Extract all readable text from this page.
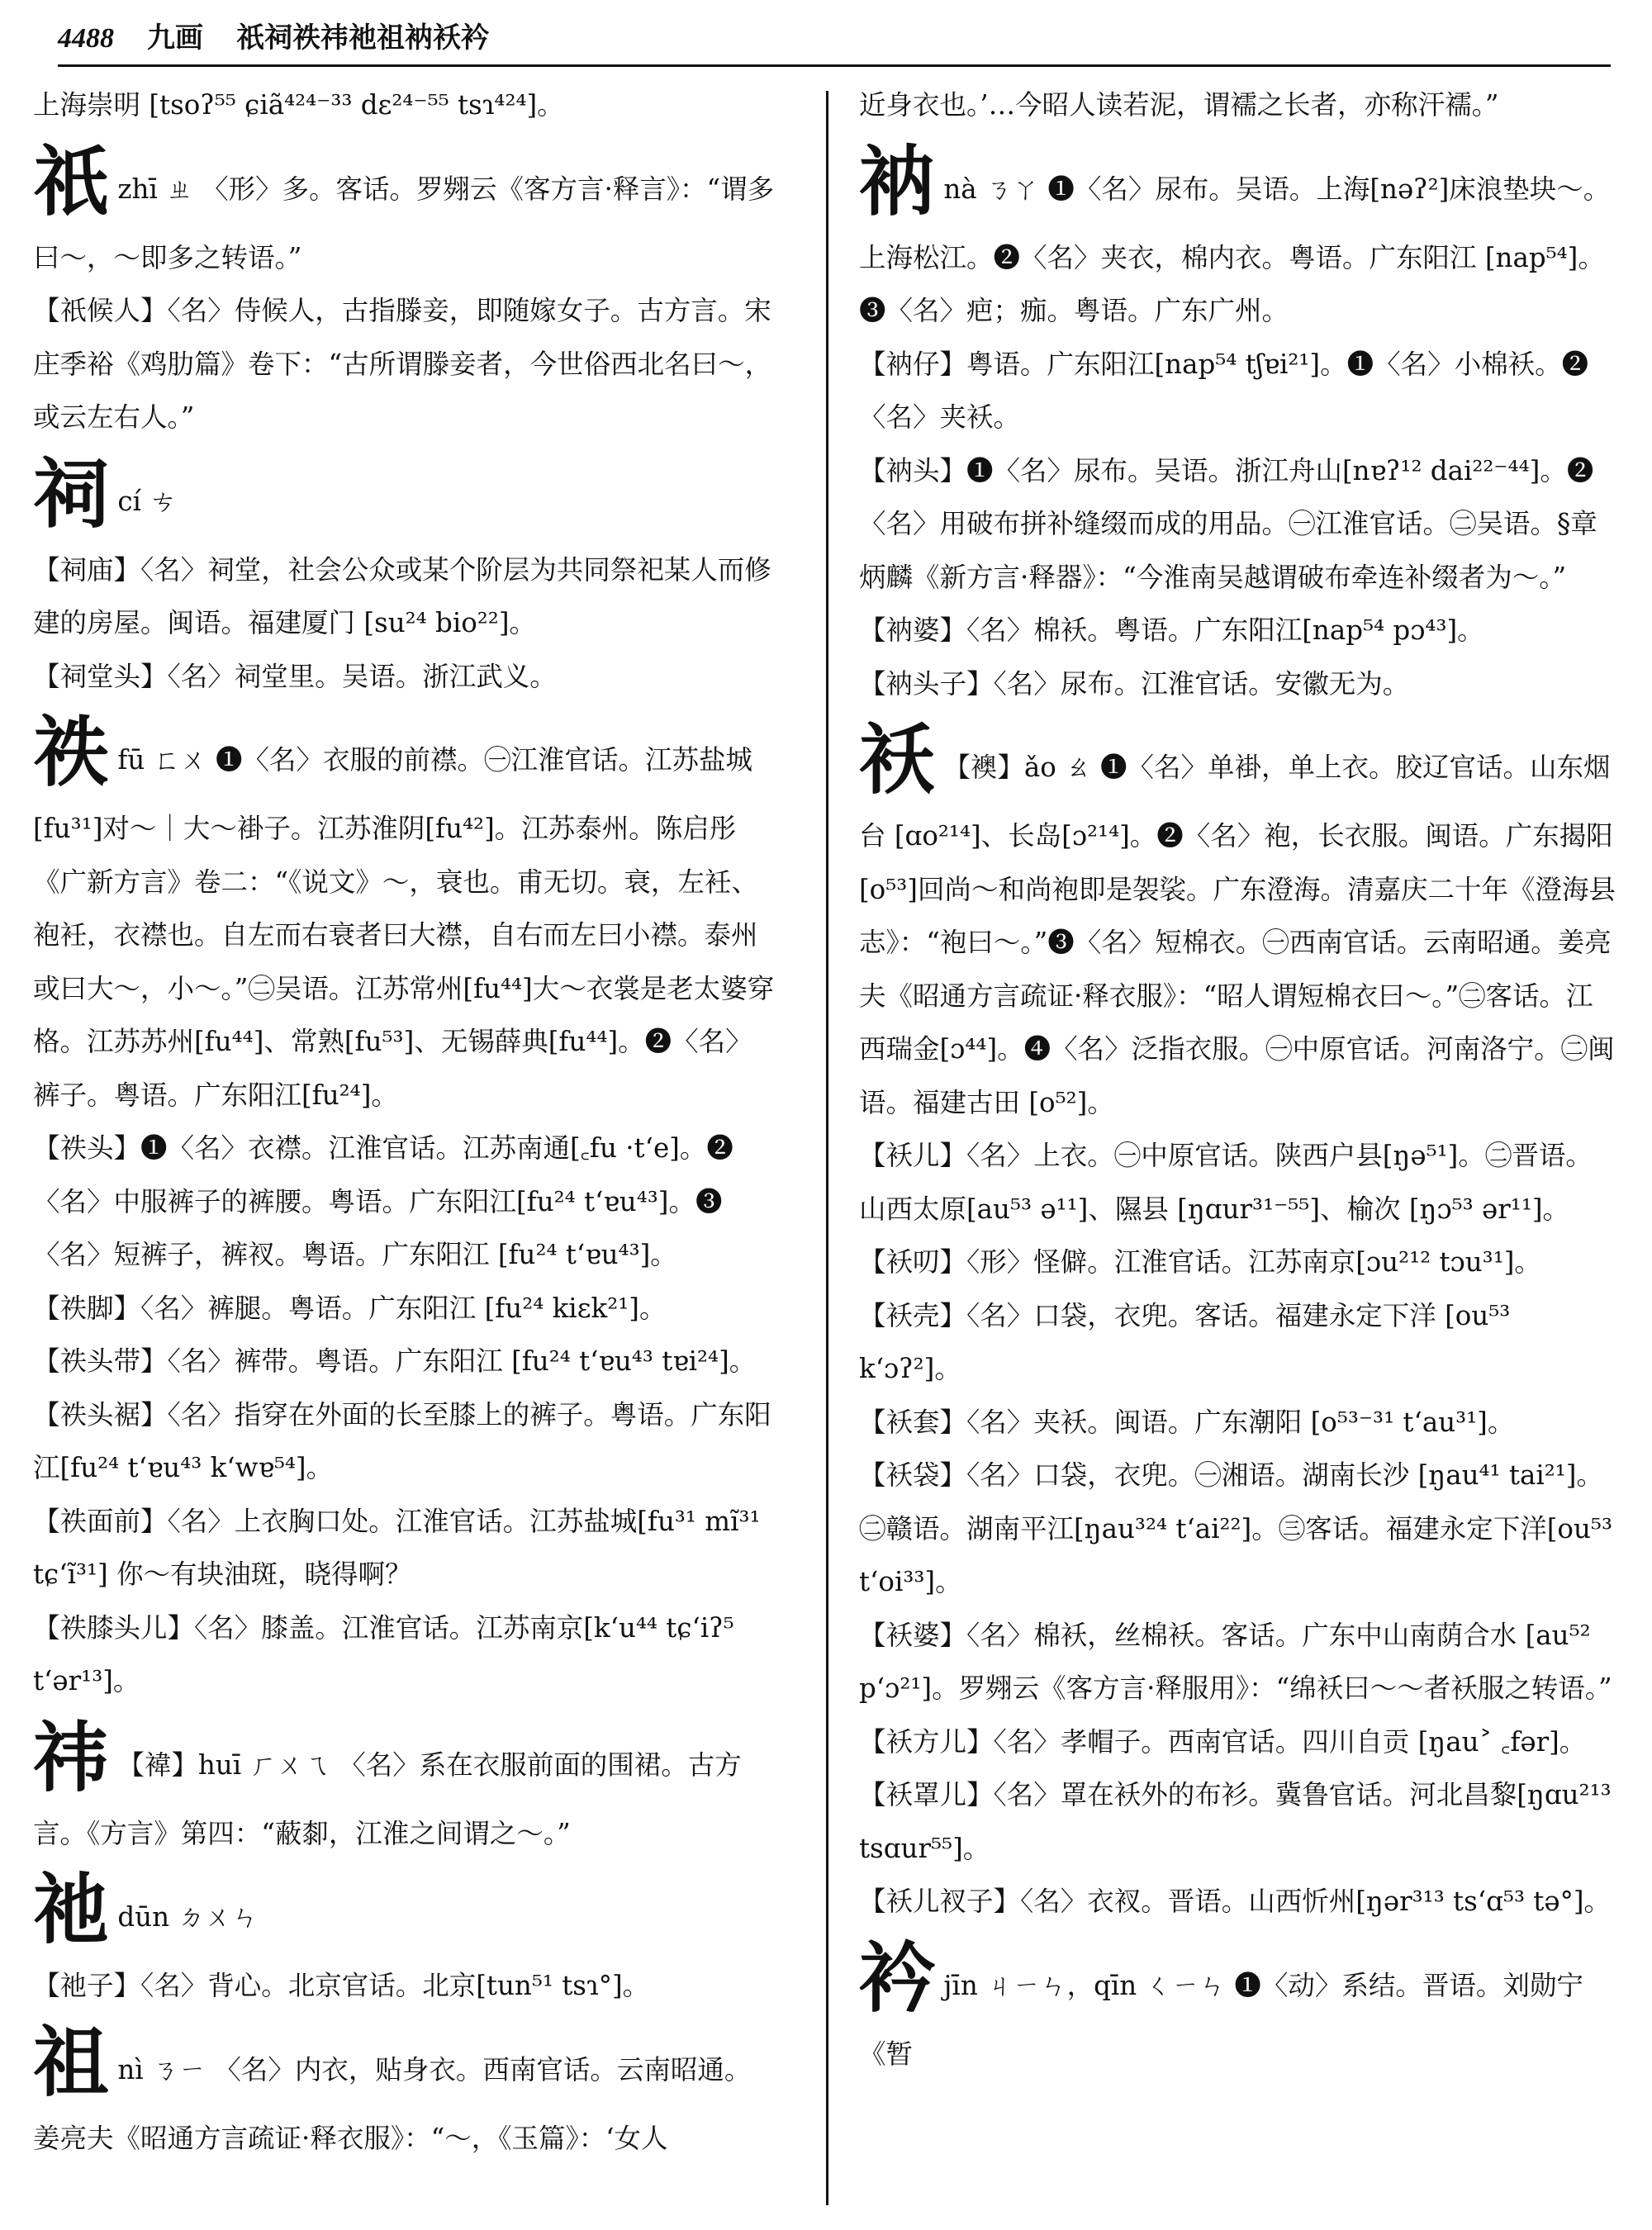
4488 九画 祇祠祑祎祂祖衲袄衿

上海崇明 [tsoʔ⁵⁵ ɕiã⁴²⁴⁻³³ dɛ²⁴⁻⁵⁵ tsɿ⁴²⁴]。

祇 zhī ㄓ 〈形〉多。客话。罗翙云《客方言·释言》：“谓多曰～，～即多之转语。”

【祇候人】〈名〉侍候人，古指滕妾，即随嫁女子。古方言。宋庄季裕《鸡肋篇》卷下：“古所谓滕妾者，今世俗西北名曰～，或云左右人。”

祠 cí ㄘ

【祠庙】〈名〉祠堂，社会公众或某个阶层为共同祭祀某人而修建的房屋。闽语。福建厦门 [su²⁴ bio²²]。

【祠堂头】〈名〉祠堂里。吴语。浙江武义。

祑 fū ㄈㄨ ❶〈名〉衣服的前襟。㊀江淮官话。江苏盐城[fu³¹]对～｜大～褂子。江苏淮阴[fu⁴²]。江苏泰州。陈启彤《广新方言》卷二：“《说文》～，衰也。甫无切。衰，左衽、袍衽，衣襟也。自左而右衰者曰大襟，自右而左曰小襟。泰州或曰大～，小～。”㊁吴语。江苏常州[fu⁴⁴]大～衣裳是老太婆穿格。江苏苏州[fu⁴⁴]、常熟[fu⁵³]、无锡薛典[fu⁴⁴]。❷〈名〉裤子。粤语。广东阳江[fu²⁴]。

【祑头】❶〈名〉衣襟。江淮官话。江苏南通[꜀fu ·tʻe]。❷〈名〉中服裤子的裤腰。粤语。广东阳江[fu²⁴ tʻɐu⁴³]。❸〈名〉短裤子，裤衩。粤语。广东阳江 [fu²⁴ tʻɐu⁴³]。

【祑脚】〈名〉裤腿。粤语。广东阳江 [fu²⁴ kiɛk²¹]。

【祑头带】〈名〉裤带。粤语。广东阳江 [fu²⁴ tʻɐu⁴³ tɐi²⁴]。

【祑头裾】〈名〉指穿在外面的长至膝上的裤子。粤语。广东阳江[fu²⁴ tʻɐu⁴³ kʻwɐ⁵⁴]。

【祑面前】〈名〉上衣胸口处。江淮官话。江苏盐城[fu³¹ mĩ³¹ tɕʻĩ³¹] 你～有块油斑，晓得啊？

【祑膝头儿】〈名〉膝盖。江淮官话。江苏南京[kʻu⁴⁴ tɕʻiʔ⁵ tʻər¹³]。

祎 【褘】huī ㄏㄨㄟ 〈名〉系在衣服前面的围裙。古方言。《方言》第四：“蔽厀，江淮之间谓之～。”

祂 dūn ㄉㄨㄣ

【祂子】〈名〉背心。北京官话。北京[tun⁵¹ tsɿ°]。

祖 nì ㄋㄧ 〈名〉内衣，贴身衣。西南官话。云南昭通。姜亮夫《昭通方言疏证·释衣服》：“～，《玉篇》：‘女人

近身衣也。’…今昭人读若泥，谓襦之长者，亦称汗襦。”

衲 nà ㄋㄚ ❶〈名〉尿布。吴语。上海[nəʔ²]床浪垫块～。上海松江。❷〈名〉夹衣，棉内衣。粤语。广东阳江 [nap⁵⁴]。❸〈名〉疤；痂。粤语。广东广州。

【衲仔】粤语。广东阳江[nap⁵⁴ tʃɐi²¹]。❶〈名〉小棉袄。❷〈名〉夹袄。

【衲头】❶〈名〉尿布。吴语。浙江舟山[nɐʔ¹² dai²²⁻⁴⁴]。❷〈名〉用破布拼补缝缀而成的用品。㊀江淮官话。㊁吴语。§章炳麟《新方言·释器》：“今淮南吴越谓破布牵连补缀者为～。”

【衲婆】〈名〉棉袄。粤语。广东阳江[nap⁵⁴ pɔ⁴³]。

【衲头子】〈名〉尿布。江淮官话。安徽无为。

袄 【襖】ǎo ㄠ ❶〈名〉单褂，单上衣。胶辽官话。山东烟台 [ɑo²¹⁴]、长岛[ɔ²¹⁴]。❷〈名〉袍，长衣服。闽语。广东揭阳[o⁵³]回尚～和尚袍即是袈裟。广东澄海。清嘉庆二十年《澄海县志》：“袍曰～。”❸〈名〉短棉衣。㊀西南官话。云南昭通。姜亮夫《昭通方言疏证·释衣服》：“昭人谓短棉衣曰～。”㊁客话。江西瑞金[ɔ⁴⁴]。❹〈名〉泛指衣服。㊀中原官话。河南洛宁。㊁闽语。福建古田 [o⁵²]。

【袄儿】〈名〉上衣。㊀中原官话。陕西户县[ŋə⁵¹]。㊁晋语。山西太原[au⁵³ ə¹¹]、隰县 [ŋɑur³¹⁻⁵⁵]、榆次 [ŋɔ⁵³ ər¹¹]。

【袄叨】〈形〉怪僻。江淮官话。江苏南京[ɔu²¹² tɔu³¹]。

【袄壳】〈名〉口袋，衣兜。客话。福建永定下洋 [ou⁵³ kʻɔʔ²]。

【袄套】〈名〉夹袄。闽语。广东潮阳 [o⁵³⁻³¹ tʻau³¹]。

【袄袋】〈名〉口袋，衣兜。㊀湘语。湖南长沙 [ŋau⁴¹ tai²¹]。㊁赣语。湖南平江[ŋau³²⁴ tʻai²²]。㊂客话。福建永定下洋[ou⁵³ tʻoi³³]。

【袄婆】〈名〉棉袄，丝棉袄。客话。广东中山南荫合水 [au⁵² pʻɔ²¹]。罗翙云《客方言·释服用》：“绵袄曰～～者袄服之转语。”

【袄方儿】〈名〉孝帽子。西南官话。四川自贡 [ŋau˃ ꜀fər]。

【袄罩儿】〈名〉罩在袄外的布衫。冀鲁官话。河北昌黎[ŋɑu²¹³ tsɑur⁵⁵]。

【袄儿衩子】〈名〉衣衩。晋语。山西忻州[ŋər³¹³ tsʻɑ⁵³ tə°]。

衿 jīn ㄐㄧㄣ，qīn ㄑㄧㄣ ❶〈动〉系结。晋语。刘勋宁《暂
